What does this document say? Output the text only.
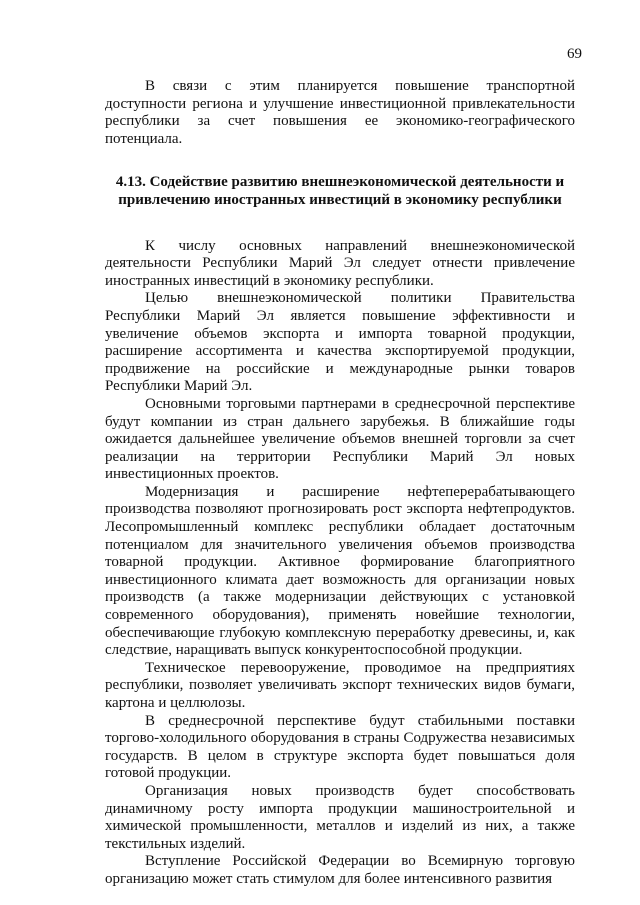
69

В связи с этим планируется повышение транспортной доступности региона и улучшение инвестиционной привлекательности республики за счет повышения ее экономико-географического потенциала.

4.13. Содействие развитию внешнеэкономической деятельности и привлечению иностранных инвестиций в экономику республики

К числу основных направлений внешнеэкономической деятельности Республики Марий Эл следует отнести привлечение иностранных инвестиций в экономику республики.

Целью внешнеэкономической политики Правительства Республики Марий Эл является повышение эффективности и увеличение объемов экспорта и импорта товарной продукции, расширение ассортимента и качества экспортируемой продукции, продвижение на российские и международные рынки товаров Республики Марий Эл.

Основными торговыми партнерами в среднесрочной перспективе будут компании из стран дальнего зарубежья. В ближайшие годы ожидается дальнейшее увеличение объемов внешней торговли за счет реализации на территории Республики Марий Эл новых инвестиционных проектов.

Модернизация и расширение нефтеперерабатывающего производства позволяют прогнозировать рост экспорта нефтепродуктов. Лесопромышленный комплекс республики обладает достаточным потенциалом для значительного увеличения объемов производства товарной продукции. Активное формирование благоприятного инвестиционного климата дает возможность для организации новых производств (а также модернизации действующих с установкой современного оборудования), применять новейшие технологии, обеспечивающие глубокую комплексную переработку древесины, и, как следствие, наращивать выпуск конкурентоспособной продукции.

Техническое перевооружение, проводимое на предприятиях республики, позволяет увеличивать экспорт технических видов бумаги, картона и целлюлозы.

В среднесрочной перспективе будут стабильными поставки торгово-холодильного оборудования в страны Содружества независимых государств. В целом в структуре экспорта будет повышаться доля готовой продукции.

Организация новых производств будет способствовать динамичному росту импорта продукции машиностроительной и химической промышленности, металлов и изделий из них, а также текстильных изделий.

Вступление Российской Федерации во Всемирную торговую организацию может стать стимулом для более интенсивного развития
